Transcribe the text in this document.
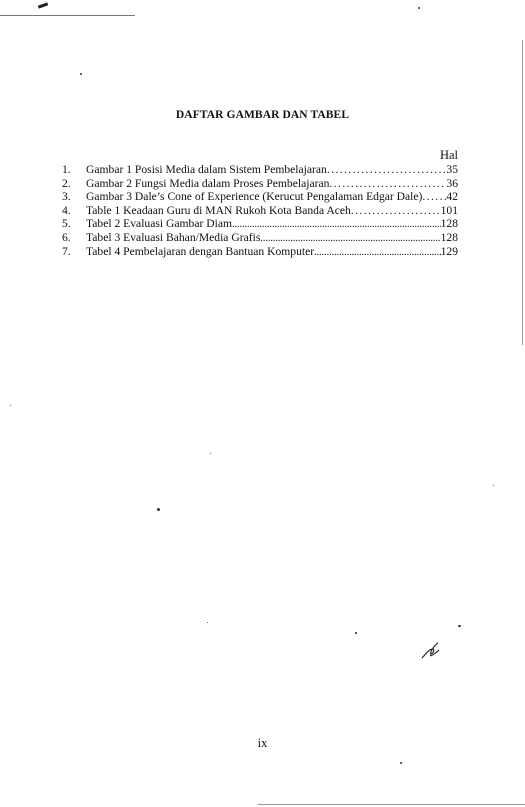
DAFTAR GAMBAR DAN TABEL
Hal
1.	Gambar 1 Posisi Media dalam Sistem Pembelajaran .....	35
2.	Gambar 2 Fungsi Media dalam Proses Pembelajaran .....	36
3.	Gambar 3 Dale’s Cone of Experience (Kerucut Pengalaman Edgar Dale) ..... 42
4.	Table 1 Keadaan Guru di MAN Rukoh Kota Banda Aceh .....	101
5.	Tabel 2 Evaluasi Gambar Diam .....	128
6.	Tabel 3 Evaluasi Bahan/Media Grafis .....	128
7.	Tabel 4 Pembelajaran dengan Bantuan Komputer .....	129
ix
